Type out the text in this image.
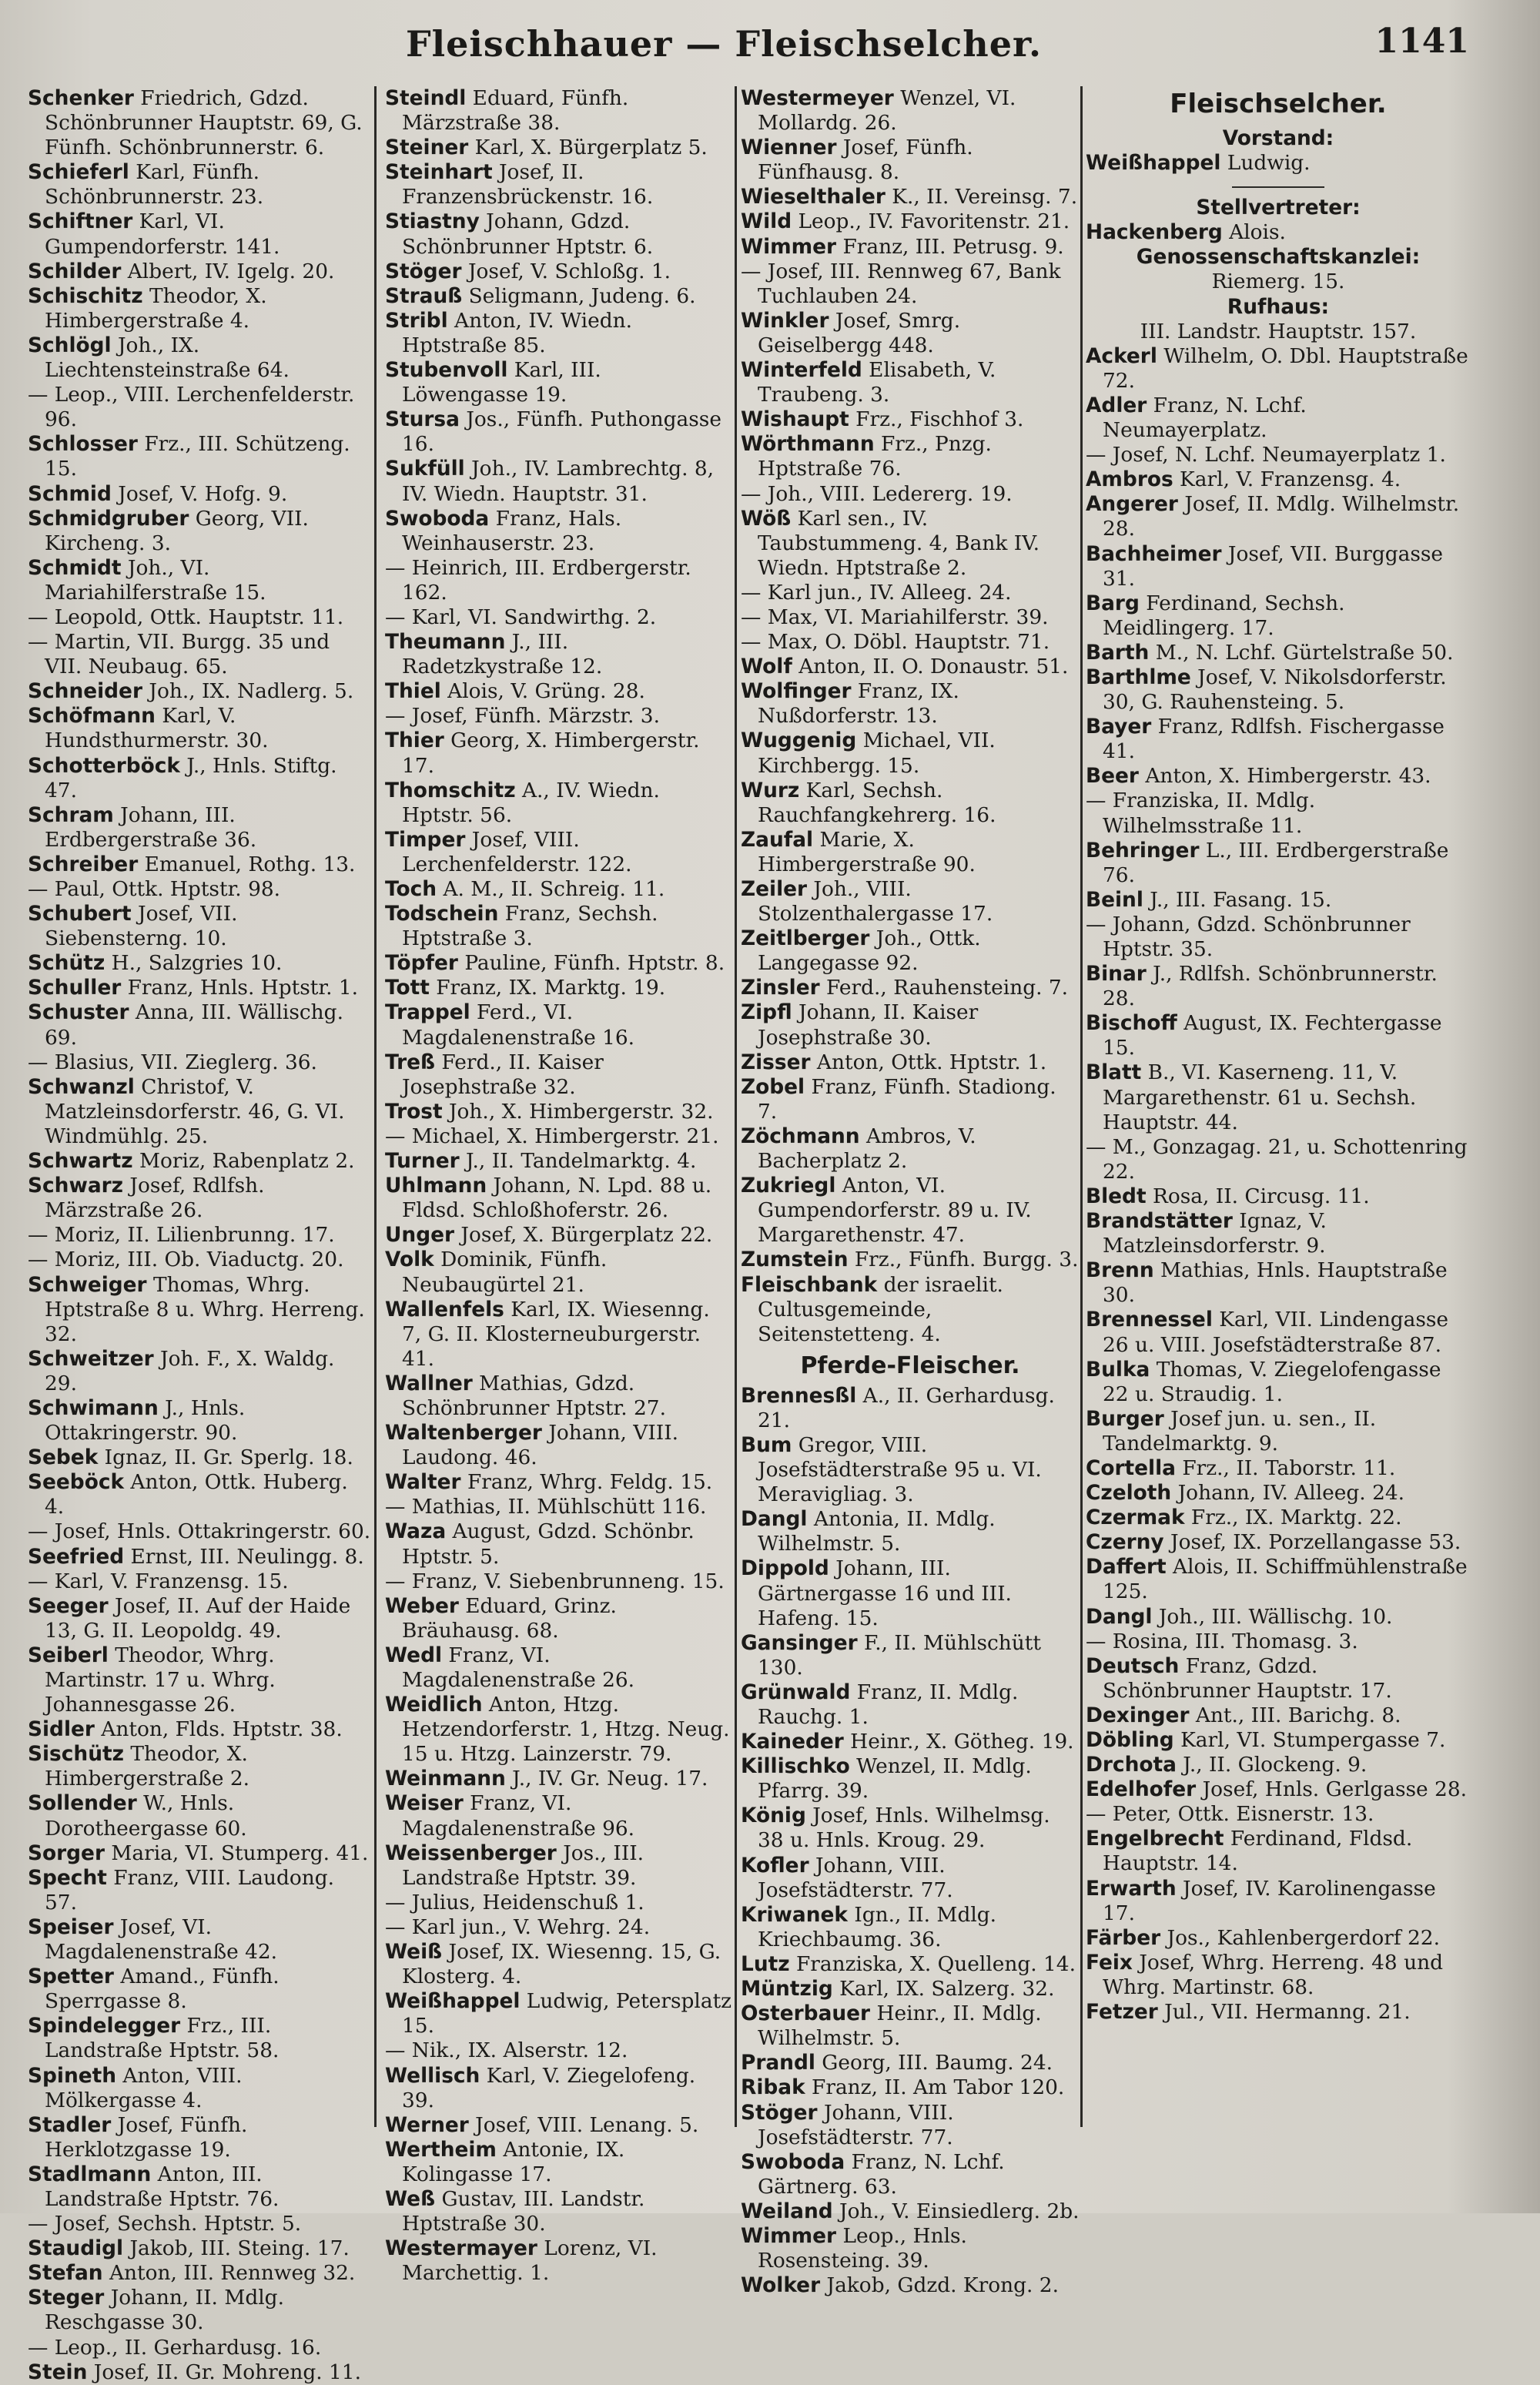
Fleischhauer — Fleischselcher.	1141
Schenker Friedrich, Gdzd. Schönbrunner Hauptstr. 69, G. Fünfh. Schönbrunnerstr. 6.
Schieferl Karl, Fünfh. Schönbrunnerstr. 23.
Schiftner Karl, VI. Gumpendorferstr. 141.
Schilder Albert, IV. Igelg. 20.
Schischitz Theodor, X. Himbergerstraße 4.
Schlögl Joh., IX. Liechtensteinstraße 64.
— Leop., VIII. Lerchenfelderstr. 96.
Schlosser Frz., III. Schützeng. 15.
Schmid Josef, V. Hofg. 9.
Schmidgruber Georg, VII. Kircheng. 3.
Schmidt Joh., VI. Mariahilferstraße 15.
— Leopold, Ottk. Hauptstr. 11.
— Martin, VII. Burgg. 35 und VII. Neubaug. 65.
Schneider Joh., IX. Nadlerg. 5.
Schöfmann Karl, V. Hundsthurmerstr. 30.
Schotterböck J., Hnls. Stiftg. 47.
Schram Johann, III. Erdbergerstraße 36.
Schreiber Emanuel, Rothg. 13.
— Paul, Ottk. Hptstr. 98.
Schubert Josef, VII. Siebensterng. 10.
Schütz H., Salzgries 10.
Schuller Franz, Hnls. Hptstr. 1.
Schuster Anna, III. Wällischg. 69.
— Blasius, VII. Zieglerg. 36.
Schwanzl Christof, V. Matzleinsdorferstr. 46, G. VI. Windmühlg. 25.
Schwartz Moriz, Rabenplatz 2.
Schwarz Josef, Rdlfsh. Märzstraße 26.
— Moriz, II. Lilienbrunng. 17.
— Moriz, III. Ob. Viaductg. 20.
Schweiger Thomas, Whrg. Hptstraße 8 u. Whrg. Herreng. 32.
Schweitzer Joh. F., X. Waldg. 29.
Schwimann J., Hnls. Ottakringerstr. 90.
Sebek Ignaz, II. Gr. Sperlg. 18.
Seeböck Anton, Ottk. Huberg. 4.
— Josef, Hnls. Ottakringerstr. 60.
Seefried Ernst, III. Neulingg. 8.
— Karl, V. Franzensg. 15.
Seeger Josef, II. Auf der Haide 13, G. II. Leopoldg. 49.
Seiberl Theodor, Whrg. Martinstr. 17 u. Whrg. Johannesgasse 26.
Sidler Anton, Flds. Hptstr. 38.
Sischütz Theodor, X. Himbergerstraße 2.
Sollender W., Hnls. Dorotheergasse 60.
Sorger Maria, VI. Stumperg. 41.
Specht Franz, VIII. Laudong. 57.
Speiser Josef, VI. Magdalenenstraße 42.
Spetter Amand., Fünfh. Sperrgasse 8.
Spindelegger Frz., III. Landstraße Hptstr. 58.
Spineth Anton, VIII. Mölkergasse 4.
Stadler Josef, Fünfh. Herklotzgasse 19.
Stadlmann Anton, III. Landstraße Hptstr. 76.
— Josef, Sechsh. Hptstr. 5.
Staudigl Jakob, III. Steing. 17.
Stefan Anton, III. Rennweg 32.
Steger Johann, II. Mdlg. Reschgasse 30.
— Leop., II. Gerhardusg. 16.
Stein Josef, II. Gr. Mohreng. 11.
Steindl Eduard, Fünfh. Märzstraße 38.
Steiner Karl, X. Bürgerplatz 5.
Steinhart Josef, II. Franzensbrückenstr. 16.
Stiastny Johann, Gdzd. Schönbrunner Hptstr. 6.
Stöger Josef, V. Schloßg. 1.
Strauß Seligmann, Judeng. 6.
Stribl Anton, IV. Wiedn. Hptstraße 85.
Stubenvoll Karl, III. Löwengasse 19.
Stursa Jos., Fünfh. Puthongasse 16.
Sukfüll Joh., IV. Lambrechtg. 8, IV. Wiedn. Hauptstr. 31.
Swoboda Franz, Hals. Weinhauserstr. 23.
— Heinrich, III. Erdbergerstr. 162.
— Karl, VI. Sandwirthg. 2.
Theumann J., III. Radetzkystraße 12.
Thiel Alois, V. Grüng. 28.
— Josef, Fünfh. Märzstr. 3.
Thier Georg, X. Himbergerstr. 17.
Thomschitz A., IV. Wiedn. Hptstr. 56.
Timper Josef, VIII. Lerchenfelderstr. 122.
Toch A. M., II. Schreig. 11.
Todschein Franz, Sechsh. Hptstraße 3.
Töpfer Pauline, Fünfh. Hptstr. 8.
Tott Franz, IX. Marktg. 19.
Trappel Ferd., VI. Magdalenenstraße 16.
Treß Ferd., II. Kaiser Josephstraße 32.
Trost Joh., X. Himbergerstr. 32.
— Michael, X. Himbergerstr. 21.
Turner J., II. Tandelmarktg. 4.
Uhlmann Johann, N. Lpd. 88 u. Fldsd. Schloßhoferstr. 26.
Unger Josef, X. Bürgerplatz 22.
Volk Dominik, Fünfh. Neubaugürtel 21.
Wallenfels Karl, IX. Wiesenng. 7, G. II. Klosterneuburgerstr. 41.
Wallner Mathias, Gdzd. Schönbrunner Hptstr. 27.
Waltenberger Johann, VIII. Laudong. 46.
Walter Franz, Whrg. Feldg. 15.
— Mathias, II. Mühlschütt 116.
Waza August, Gdzd. Schönbr. Hptstr. 5.
— Franz, V. Siebenbrunneng. 15.
Weber Eduard, Grinz. Bräuhausg. 68.
Wedl Franz, VI. Magdalenenstraße 26.
Weidlich Anton, Htzg. Hetzendorferstr. 1, Htzg. Neug. 15 u. Htzg. Lainzerstr. 79.
Weinmann J., IV. Gr. Neug. 17.
Weiser Franz, VI. Magdalenenstraße 96.
Weissenberger Jos., III. Landstraße Hptstr. 39.
— Julius, Heidenschuß 1.
— Karl jun., V. Wehrg. 24.
Weiß Josef, IX. Wiesenng. 15, G. Klosterg. 4.
Weißhappel Ludwig, Petersplatz 15.
— Nik., IX. Alserstr. 12.
Wellisch Karl, V. Ziegelofeng. 39.
Werner Josef, VIII. Lenang. 5.
Wertheim Antonie, IX. Kolingasse 17.
Weß Gustav, III. Landstr. Hptstraße 30.
Westermayer Lorenz, VI. Marchettig. 1.
Westermeyer Wenzel, VI. Mollardg. 26.
Wienner Josef, Fünfh. Fünfhausg. 8.
Wieselthaler K., II. Vereinsg. 7.
Wild Leop., IV. Favoritenstr. 21.
Wimmer Franz, III. Petrusg. 9.
— Josef, III. Rennweg 67, Bank Tuchlauben 24.
Winkler Josef, Smrg. Geiselbergg 448.
Winterfeld Elisabeth, V. Traubeng. 3.
Wishaupt Frz., Fischhof 3.
Wörthmann Frz., Pnzg. Hptstraße 76.
— Joh., VIII. Ledererg. 19.
Wöß Karl sen., IV. Taubstummeng. 4, Bank IV. Wiedn. Hptstraße 2.
— Karl jun., IV. Alleeg. 24.
— Max, VI. Mariahilferstr. 39.
— Max, O. Döbl. Hauptstr. 71.
Wolf Anton, II. O. Donaustr. 51.
Wolfinger Franz, IX. Nußdorferstr. 13.
Wuggenig Michael, VII. Kirchbergg. 15.
Wurz Karl, Sechsh. Rauchfangkehrerg. 16.
Zaufal Marie, X. Himbergerstraße 90.
Zeiler Joh., VIII. Stolzenthalergasse 17.
Zeitlberger Joh., Ottk. Langegasse 92.
Zinsler Ferd., Rauhensteing. 7.
Zipfl Johann, II. Kaiser Josephstraße 30.
Zisser Anton, Ottk. Hptstr. 1.
Zobel Franz, Fünfh. Stadiong. 7.
Zöchmann Ambros, V. Bacherplatz 2.
Zukriegl Anton, VI. Gumpendorferstr. 89 u. IV. Margarethenstr. 47.
Zumstein Frz., Fünfh. Burgg. 3.
Fleischbank der israelit. Cultusgemeinde, Seitenstetteng. 4.
Pferde-Fleischer.
Brennesßl A., II. Gerhardusg. 21.
Bum Gregor, VIII. Josefstädterstraße 95 u. VI. Meravigliag. 3.
Dangl Antonia, II. Mdlg. Wilhelmstr. 5.
Dippold Johann, III. Gärtnergasse 16 und III. Hafeng. 15.
Gansinger F., II. Mühlschütt 130.
Grünwald Franz, II. Mdlg. Rauchg. 1.
Kaineder Heinr., X. Götheg. 19.
Killischko Wenzel, II. Mdlg. Pfarrg. 39.
König Josef, Hnls. Wilhelmsg. 38 u. Hnls. Kroug. 29.
Kofler Johann, VIII. Josefstädterstr. 77.
Kriwanek Ign., II. Mdlg. Kriechbaumg. 36.
Lutz Franziska, X. Quelleng. 14.
Müntzig Karl, IX. Salzerg. 32.
Osterbauer Heinr., II. Mdlg. Wilhelmstr. 5.
Prandl Georg, III. Baumg. 24.
Ribak Franz, II. Am Tabor 120.
Stöger Johann, VIII. Josefstädterstr. 77.
Swoboda Franz, N. Lchf. Gärtnerg. 63.
Weiland Joh., V. Einsiedlerg. 2b.
Wimmer Leop., Hnls. Rosensteing. 39.
Wolker Jakob, Gdzd. Krong. 2.
Fleischselcher.
Vorstand:
Weißhappel Ludwig.
Stellvertreter:
Hackenberg Alois.
Genossenschaftskanzlei:
Riemerg. 15.
Rufhaus:
III. Landstr. Hauptstr. 157.
Ackerl Wilhelm, O. Dbl. Hauptstraße 72.
Adler Franz, N. Lchf. Neumayerplatz.
— Josef, N. Lchf. Neumayerplatz 1.
Ambros Karl, V. Franzensg. 4.
Angerer Josef, II. Mdlg. Wilhelmstr. 28.
Bachheimer Josef, VII. Burggasse 31.
Barg Ferdinand, Sechsh. Meidlingerg. 17.
Barth M., N. Lchf. Gürtelstraße 50.
Barthlme Josef, V. Nikolsdorferstr. 30, G. Rauhensteing. 5.
Bayer Franz, Rdlfsh. Fischergasse 41.
Beer Anton, X. Himbergerstr. 43.
— Franziska, II. Mdlg. Wilhelmsstraße 11.
Behringer L., III. Erdbergerstraße 76.
Beinl J., III. Fasang. 15.
— Johann, Gdzd. Schönbrunner Hptstr. 35.
Binar J., Rdlfsh. Schönbrunnerstr. 28.
Bischoff August, IX. Fechtergasse 15.
Blatt B., VI. Kaserneng. 11, V. Margarethenstr. 61 u. Sechsh. Hauptstr. 44.
— M., Gonzagag. 21, u. Schottenring 22.
Bledt Rosa, II. Circusg. 11.
Brandstätter Ignaz, V. Matzleinsdorferstr. 9.
Brenn Mathias, Hnls. Hauptstraße 30.
Brennessel Karl, VII. Lindengasse 26 u. VIII. Josefstädterstraße 87.
Bulka Thomas, V. Ziegelofengasse 22 u. Straudig. 1.
Burger Josef jun. u. sen., II. Tandelmarktg. 9.
Cortella Frz., II. Taborstr. 11.
Czeloth Johann, IV. Alleeg. 24.
Czermak Frz., IX. Marktg. 22.
Czerny Josef, IX. Porzellangasse 53.
Daffert Alois, II. Schiffmühlenstraße 125.
Dangl Joh., III. Wällischg. 10.
— Rosina, III. Thomasg. 3.
Deutsch Franz, Gdzd. Schönbrunner Hauptstr. 17.
Dexinger Ant., III. Barichg. 8.
Döbling Karl, VI. Stumpergasse 7.
Drchota J., II. Glockeng. 9.
Edelhofer Josef, Hnls. Gerlgasse 28.
— Peter, Ottk. Eisnerstr. 13.
Engelbrecht Ferdinand, Fldsd. Hauptstr. 14.
Erwarth Josef, IV. Karolinengasse 17.
Färber Jos., Kahlenbergerdorf 22.
Feix Josef, Whrg. Herreng. 48 und Whrg. Martinstr. 68.
Fetzer Jul., VII. Hermanng. 21.
